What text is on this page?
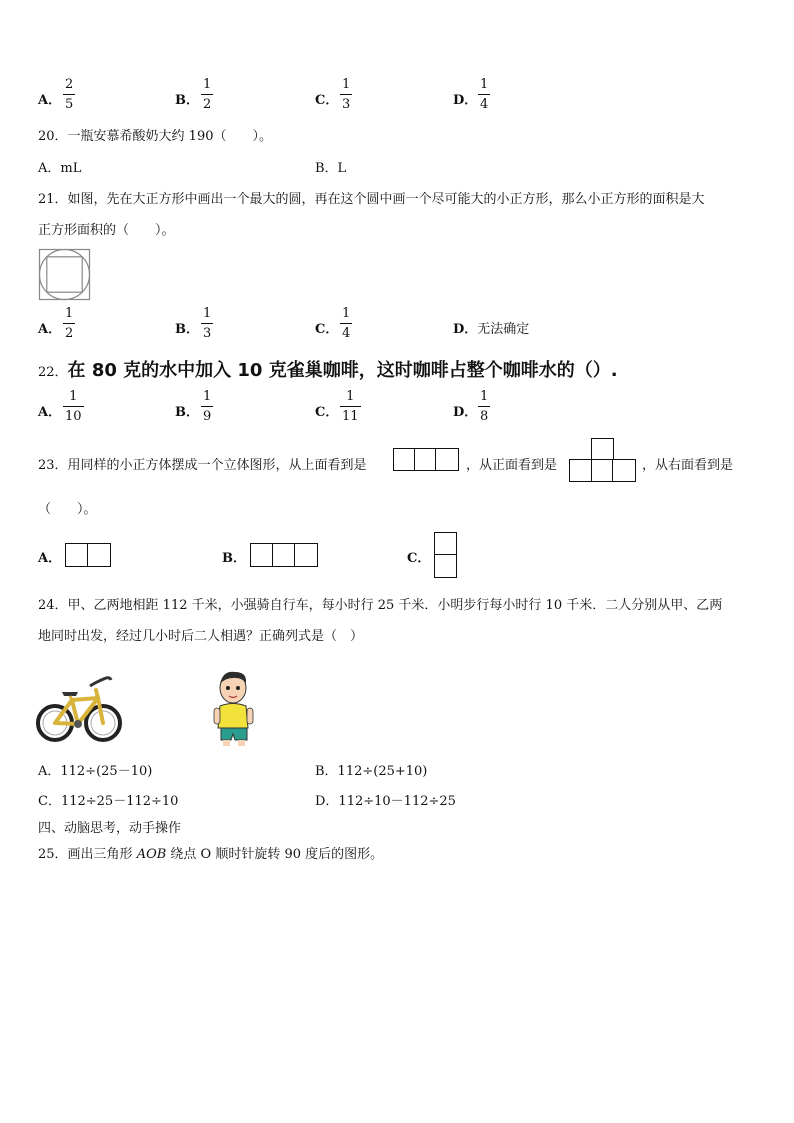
A．
2
5	B．
1
2	C．
1
3	D．
1
4
20．一瓶安慕希酸奶大约 190（　　）。
A．mL	B．L
21．如图，先在大正方形中画出一个最大的圆，再在这个圆中画一个尽可能大的小正方形，那么小正方形的面积是大
正方形面积的（　　）。
A．
1
2	B．
1
3	C．
1
4	D．无法确定
22．在 80 克的水中加入 10 克雀巢咖啡，这时咖啡占整个咖啡水的（）.
A．
1
10	B．
1
9	C．
1
11	D．
1
8
23．用同样的小正方体摆成一个立体图形，从上面看到是	，从正面看到是	，从右面看到是
（　　）。
A．	B．	C．
24．甲、乙两地相距 112 千米，小强骑自行车，每小时行 25 千米．小明步行每小时行 10 千米．二人分别从甲、乙两
地同时出发，经过几小时后二人相遇？正确列式是（　）
A．112÷(25－10)	B．112÷(25+10)
C．112÷25－112÷10	D．112÷10－112÷25
四、动脑思考，动手操作
25．画出三角形 AOB 绕点 O 顺时针旋转 90 度后的图形。
